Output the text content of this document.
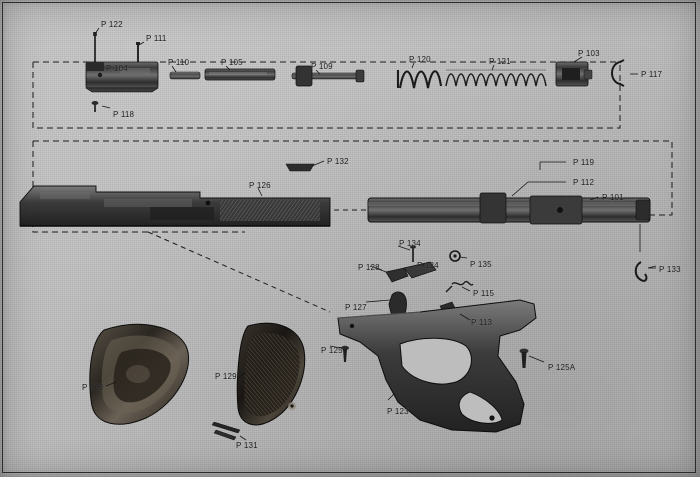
P 122
P 111
P 104
P 110	P 105	P 109
P 120	P 121
P 103
P 117
P 118
P 132	P 119
P 112
P 126
P 101
P 134
P 135
P 128	P 124	P 133
P 115
P 127
P 113
P 125
P 125A
P 129
P 130
P 123
P 131
